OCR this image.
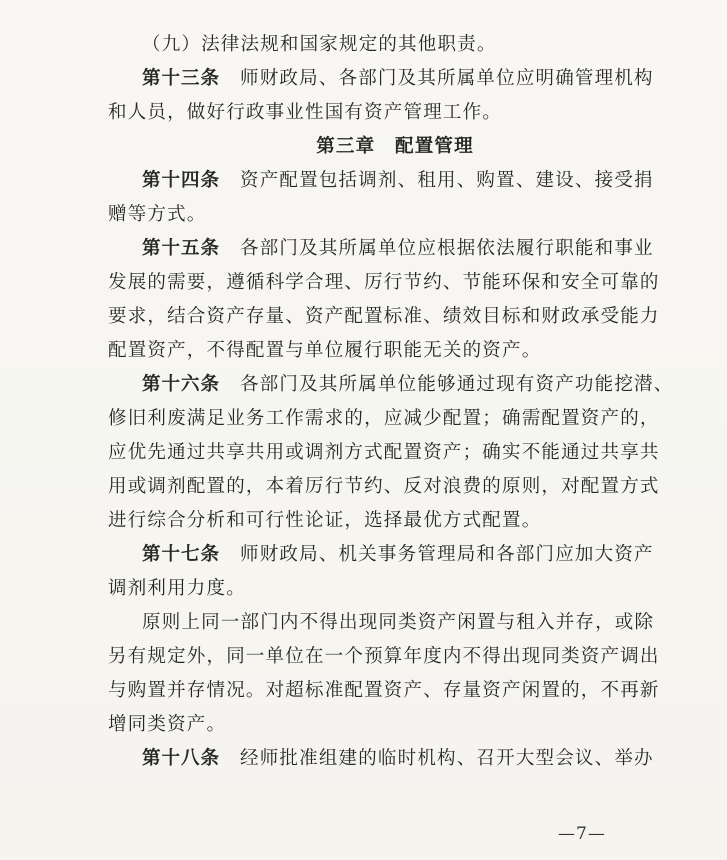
（九）法律法规和国家规定的其他职责。
第十三条 师财政局、各部门及其所属单位应明确管理机构
和人员，做好行政事业性国有资产管理工作。
第三章　配置管理
第十四条 资产配置包括调剂、租用、购置、建设、接受捐
赠等方式。
第十五条 各部门及其所属单位应根据依法履行职能和事业
发展的需要，遵循科学合理、厉行节约、节能环保和安全可靠的
要求，结合资产存量、资产配置标准、绩效目标和财政承受能力
配置资产，不得配置与单位履行职能无关的资产。
第十六条 各部门及其所属单位能够通过现有资产功能挖潜、
修旧利废满足业务工作需求的，应减少配置；确需配置资产的，
应优先通过共享共用或调剂方式配置资产；确实不能通过共享共
用或调剂配置的，本着厉行节约、反对浪费的原则，对配置方式
进行综合分析和可行性论证，选择最优方式配置。
第十七条 师财政局、机关事务管理局和各部门应加大资产
调剂利用力度。
原则上同一部门内不得出现同类资产闲置与租入并存，或除
另有规定外，同一单位在一个预算年度内不得出现同类资产调出
与购置并存情况。对超标准配置资产、存量资产闲置的，不再新
增同类资产。
第十八条 经师批准组建的临时机构、召开大型会议、举办
—7—
